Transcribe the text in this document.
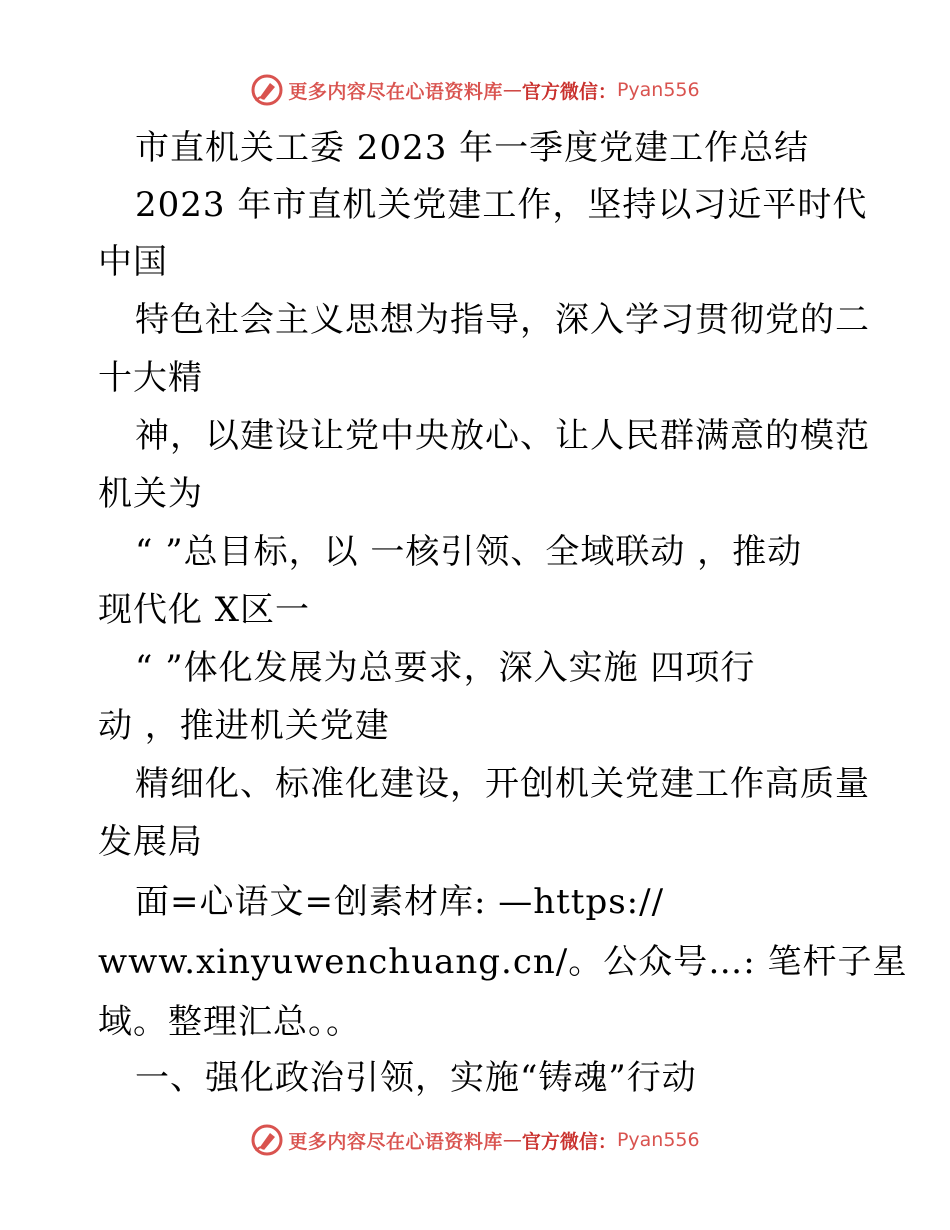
更多内容尽在心语资料库 — 官方微信： Pyan556
市直机关工委 2023 年一季度党建工作总结
2023 年市直机关党建工作，坚持以习近平时代
中国
特色社会主义思想为指导，深入学习贯彻党的二
十大精
神，以建设让党中央放心、让人民群满意的模范
机关为
“ ”总目标，以 一核引领、全域联动 ，推动
现代化 X区一
“ ”体化发展为总要求，深入实施 四项行
动 ，推进机关党建
精细化、标准化建设，开创机关党建工作高质量
发展局
面=心语文=创素材库: —https://
www.xinyuwenchuang.cn/。公众号…: 笔杆子星
域。整理汇总。。
一、强化政治引领，实施“铸魂”行动
更多内容尽在心语资料库 — 官方微信： Pyan556
